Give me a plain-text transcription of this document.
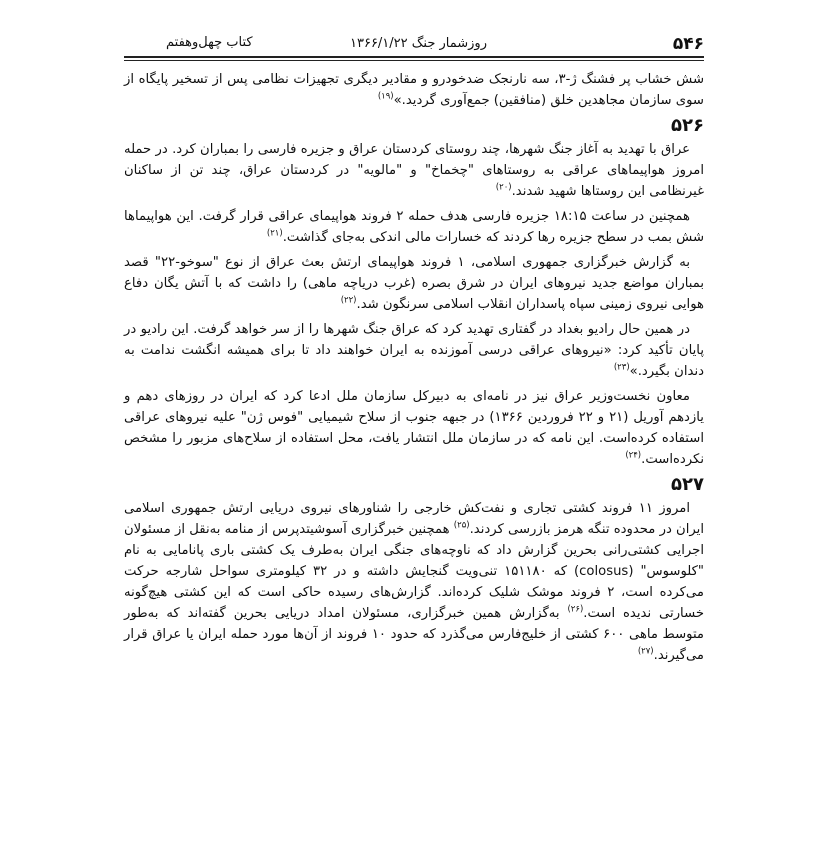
۵۴۶
روزشمار جنگ ۱۳۶۶/۱/۲۲
کتاب چهل‌وهفتم

شش خشاب پر فشنگ ژ-۳، سه نارنجک ضدخودرو و مقادیر دیگری تجهیزات نظامی پس از تسخیر پایگاه از سوی سازمان مجاهدین خلق (منافقین) جمع‌آوری گردید.»$^{(۱۹)}$

۵۲۶

عراق با تهدید به آغاز جنگ شهرها، چند روستای کردستان عراق و جزیره فارسی را بمباران کرد. در حمله امروز هواپیماهای عراقی به روستاهای "چخماخ" و "مالویه" در کردستان عراق، چند تن از ساکنان غیرنظامی این روستاها شهید شدند.$^{(۲۰)}$

همچنین در ساعت ۱۸:۱۵ جزیره فارسی هدف حمله ۲ فروند هواپیمای عراقی قرار گرفت. این هواپیماها شش بمب در سطح جزیره رها کردند که خسارات مالی اندکی به‌جای گذاشت.$^{(۲۱)}$

به گزارش خبرگزاری جمهوری اسلامی، ۱ فروند هواپیمای ارتش بعث عراق از نوع "سوخو-۲۲" قصد بمباران مواضع جدید نیروهای ایران در شرق بصره (غرب دریاچه ماهی) را داشت که با آتش یگان دفاع هوایی نیروی زمینی سپاه پاسداران انقلاب اسلامی سرنگون شد.$^{(۲۲)}$

در همین حال رادیو بغداد در گفتاری تهدید کرد که عراق جنگ شهرها را از سر خواهد گرفت. این رادیو در پایان تأکید کرد: «نیروهای عراقی درسی آموزنده به ایران خواهند داد تا برای همیشه انگشت ندامت به دندان بگیرد.»$^{(۲۳)}$

معاون نخست‌وزیر عراق نیز در نامه‌ای به دبیرکل سازمان ملل ادعا کرد که ایران در روزهای دهم و یازدهم آوریل (۲۱ و ۲۲ فروردین ۱۳۶۶) در جبهه جنوب از سلاح شیمیایی "فوس ژن" علیه نیروهای عراقی استفاده کرده‌است. این نامه که در سازمان ملل انتشار یافت، محل استفاده از سلاح‌های مزبور را مشخص نکرده‌است.$^{(۲۴)}$

۵۲۷

امروز ۱۱ فروند کشتی تجاری و نفت‌کش خارجی را شناورهای نیروی دریایی ارتش جمهوری اسلامی ایران در محدوده تنگه هرمز بازرسی کردند.$^{(۲۵)}$ همچنین خبرگزاری آسوشیتدپرس از منامه به‌نقل از مسئولان اجرایی کشتی‌رانی بحرین گزارش داد که ناوچه‌های جنگی ایران به‌طرف یک کشتی باری پانامایی به نام "کلوسوس" (colosus) که ۱۵۱۱۸۰ تنی‌ویت گنجایش داشته و در ۳۲ کیلومتری سواحل شارجه حرکت می‌کرده است، ۲ فروند موشک شلیک کرده‌اند. گزارش‌های رسیده حاکی است که این کشتی هیچ‌گونه خسارتی ندیده است.$^{(۲۶)}$ به‌گزارش همین خبرگزاری، مسئولان امداد دریایی بحرین گفته‌اند که به‌طور متوسط ماهی ۶۰۰ کشتی از خلیج‌فارس می‌گذرد که حدود ۱۰ فروند از آن‌ها مورد حمله ایران یا عراق قرار می‌گیرند.$^{(۲۷)}$
